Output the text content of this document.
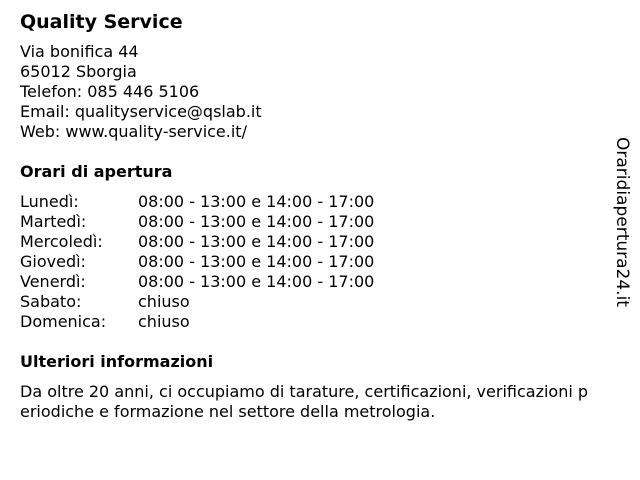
Quality Service
Via bonifica 44
65012 Sborgia
Telefon: 085 446 5106
Email: qualityservice@qslab.it
Web: www.quality-service.it/
Orari di apertura
Lunedì:	08:00 - 13:00 e 14:00 - 17:00
Martedì:	08:00 - 13:00 e 14:00 - 17:00
Mercoledì:	08:00 - 13:00 e 14:00 - 17:00
Giovedì:	08:00 - 13:00 e 14:00 - 17:00
Venerdì:	08:00 - 13:00 e 14:00 - 17:00
Sabato:	chiuso
Domenica:	chiuso
Ulteriori informazioni
Da oltre 20 anni, ci occupiamo di tarature, certificazioni, verificazioni periodiche e formazione nel settore della metrologia.
Oraridiapertura24.it
